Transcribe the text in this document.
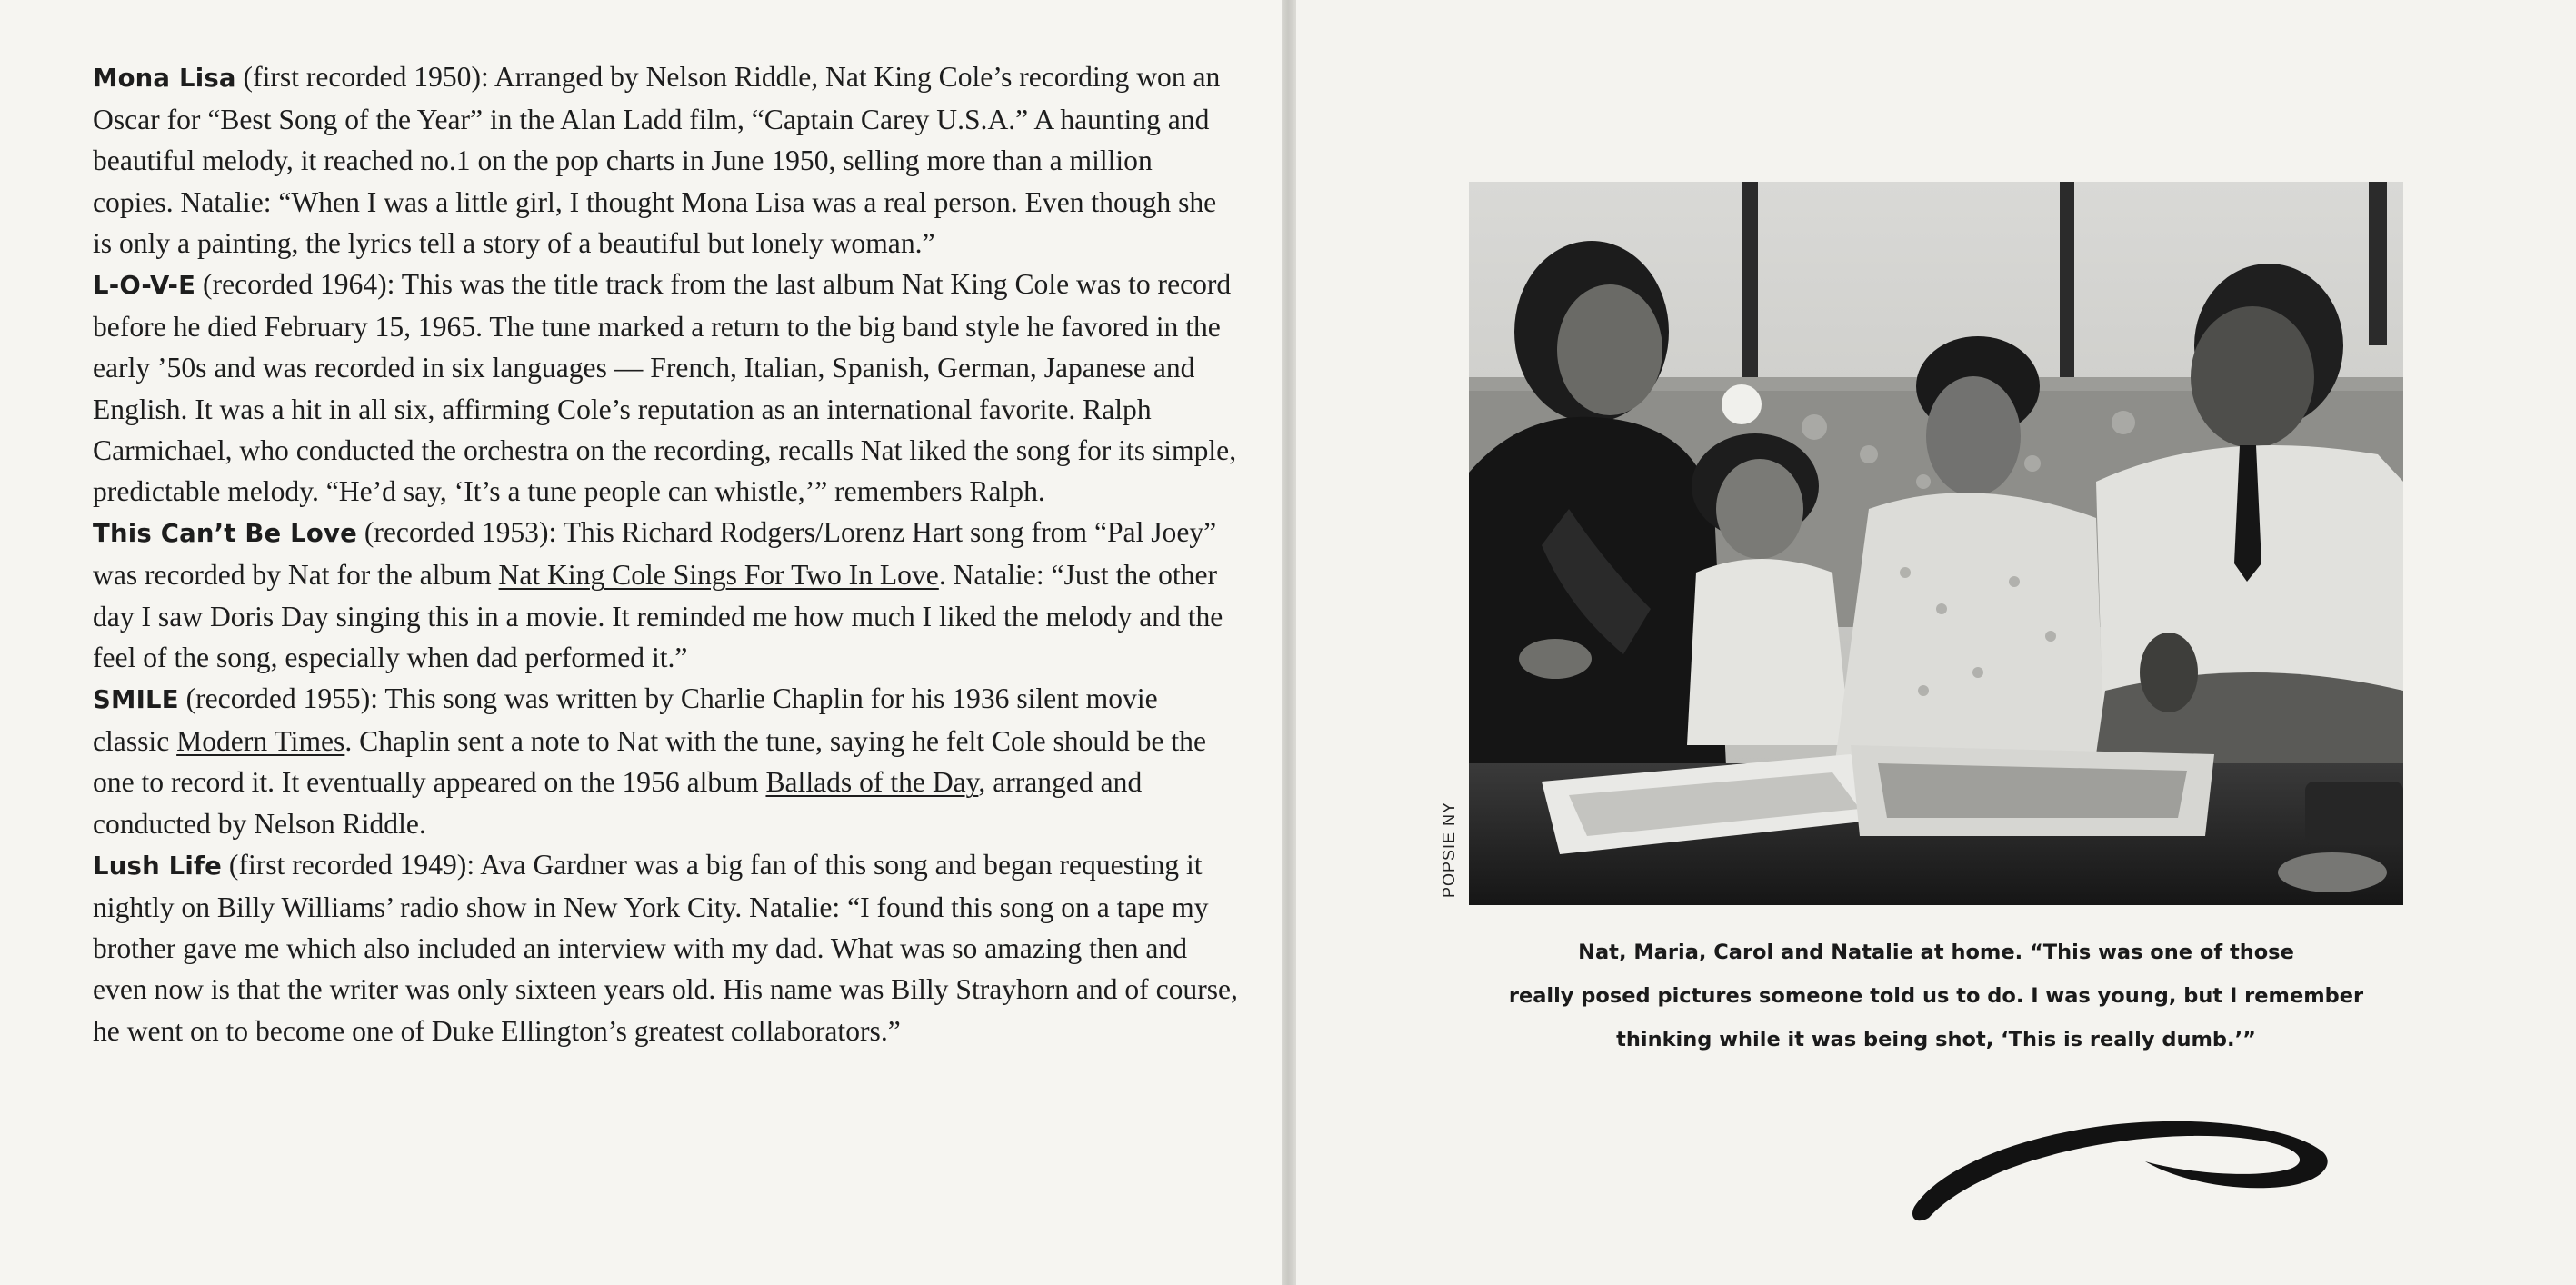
Mona Lisa (first recorded 1950): Arranged by Nelson Riddle, Nat King Cole’s recording won an Oscar for “Best Song of the Year” in the Alan Ladd film, “Captain Carey U.S.A.” A haunting and beautiful melody, it reached no.1 on the pop charts in June 1950, selling more than a million copies. Natalie: “When I was a little girl, I thought Mona Lisa was a real person. Even though she is only a painting, the lyrics tell a story of a beautiful but lonely woman.”

L-O-V-E (recorded 1964): This was the title track from the last album Nat King Cole was to record before he died February 15, 1965. The tune marked a return to the big band style he favored in the early ’50s and was recorded in six languages — French, Italian, Spanish, German, Japanese and English. It was a hit in all six, affirming Cole’s reputation as an international favorite. Ralph Carmichael, who conducted the orchestra on the recording, recalls Nat liked the song for its simple, predictable melody. “He’d say, ‘It’s a tune people can whistle,’” remembers Ralph.

This Can’t Be Love (recorded 1953): This Richard Rodgers/Lorenz Hart song from “Pal Joey” was recorded by Nat for the album Nat King Cole Sings For Two In Love. Natalie: “Just the other day I saw Doris Day singing this in a movie. It reminded me how much I liked the melody and the feel of the song, especially when dad performed it.”

SMILE (recorded 1955): This song was written by Charlie Chaplin for his 1936 silent movie classic Modern Times. Chaplin sent a note to Nat with the tune, saying he felt Cole should be the one to record it. It eventually appeared on the 1956 album Ballads of the Day, arranged and conducted by Nelson Riddle.

Lush Life (first recorded 1949): Ava Gardner was a big fan of this song and began requesting it nightly on Billy Williams’ radio show in New York City. Natalie: “I found this song on a tape my brother gave me which also included an interview with my dad. What was so amazing then and even now is that the writer was only sixteen years old. His name was Billy Strayhorn and of course, he went on to become one of Duke Ellington’s greatest collaborators.”

POPSIE NY
Nat, Maria, Carol and Natalie at home. “This was one of those
really posed pictures someone told us to do. I was young, but I remember
thinking while it was being shot, ‘This is really dumb.’”
